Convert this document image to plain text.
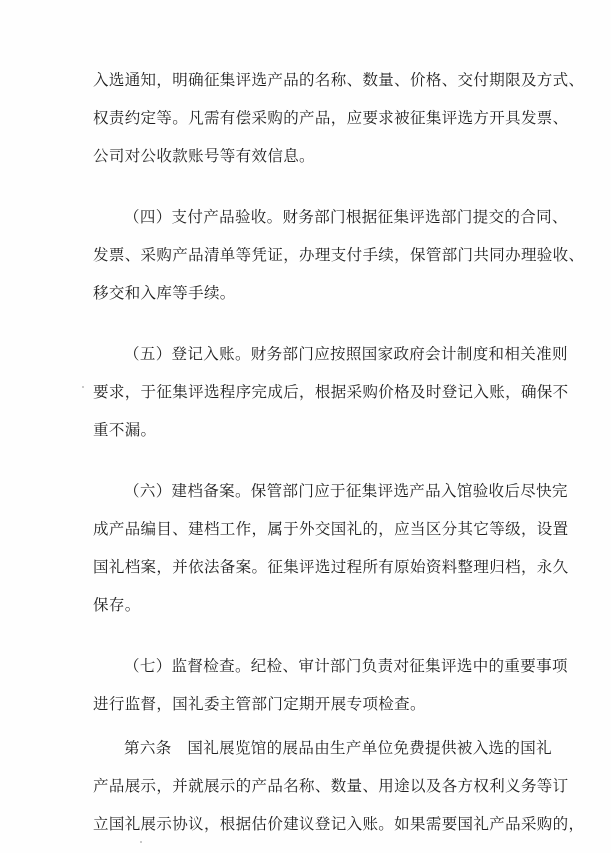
入选通知，明确征集评选产品的名称、数量、价格、交付期限及方式、
权责约定等。凡需有偿采购的产品，应要求被征集评选方开具发票、
公司对公收款账号等有效信息。
（四）支付产品验收。财务部门根据征集评选部门提交的合同、
发票、采购产品清单等凭证，办理支付手续，保管部门共同办理验收、
移交和入库等手续。
（五）登记入账。财务部门应按照国家政府会计制度和相关准则
要求，于征集评选程序完成后，根据采购价格及时登记入账，确保不
重不漏。
（六）建档备案。保管部门应于征集评选产品入馆验收后尽快完
成产品编目、建档工作，属于外交国礼的，应当区分其它等级，设置
国礼档案，并依法备案。征集评选过程所有原始资料整理归档，永久
保存。
（七）监督检查。纪检、审计部门负责对征集评选中的重要事项
进行监督，国礼委主管部门定期开展专项检查。
第六条　国礼展览馆的展品由生产单位免费提供被入选的国礼
产品展示，并就展示的产品名称、数量、用途以及各方权利义务等订
立国礼展示协议，根据估价建议登记入账。如果需要国礼产品采购的，
